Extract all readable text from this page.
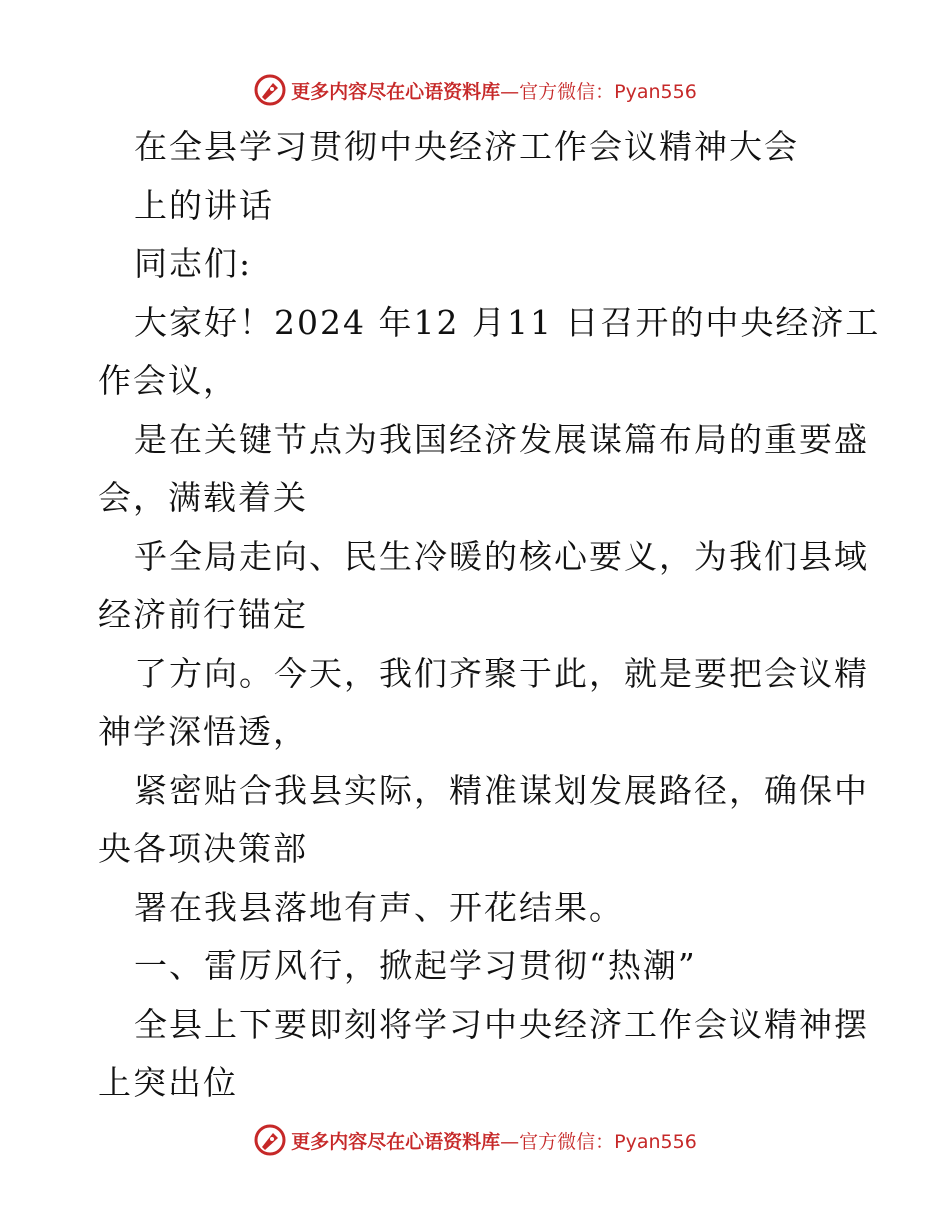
更多内容尽在心语资料库—官方微信：Pyan556
在全县学习贯彻中央经济工作会议精神大会
上的讲话
同志们:
大家好！2024 年12 月11 日召开的中央经济工
作会议，
是在关键节点为我国经济发展谋篇布局的重要盛
会，满载着关
乎全局走向、民生冷暖的核心要义，为我们县域
经济前行锚定
了方向。今天，我们齐聚于此，就是要把会议精
神学深悟透，
紧密贴合我县实际，精准谋划发展路径，确保中
央各项决策部
署在我县落地有声、开花结果。
一、雷厉风行，掀起学习贯彻“热潮”
全县上下要即刻将学习中央经济工作会议精神摆
上突出位
更多内容尽在心语资料库—官方微信：Pyan556
